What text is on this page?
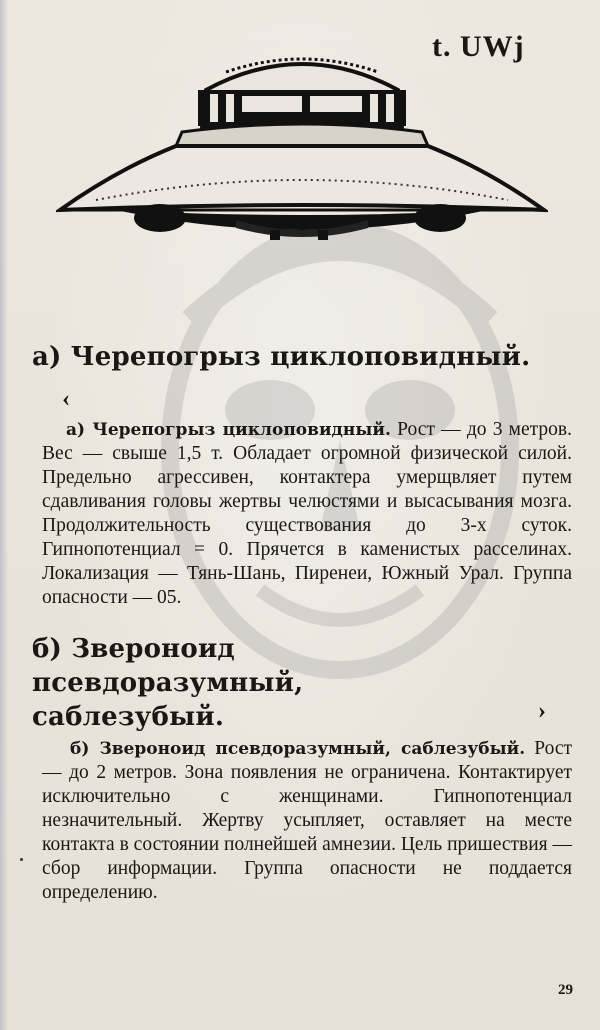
t. UWj
а) Черепогрыз циклоповидный.
‹
а) Черепогрыз циклоповидный. Рост — до 3 метров. Вес — свыше 1,5 т. Обладает огромной физической силой. Предельно агрессивен, контактера умерщвляет путем сдавливания головы жертвы челюстями и высасывания мозга. Продолжительность существования до 3-х суток. Гипнопотенциал = 0. Прячется в каменистых расселинах. Локализация — Тянь-Шань, Пиренеи, Южный Урал. Группа опасности — 05.
б) Звероноид псевдоразумный, саблезубый.	›
б) Звероноид псевдоразумный, саблезубый. Рост — до 2 метров. Зона появления не ограничена. Контактирует исключительно с женщинами. Гипнопотенциал незначительный. Жертву усыпляет, оставляет на месте контакта в состоянии полнейшей амнезии. Цель пришествия — сбор информации. Группа опасности не поддается определению.
29
